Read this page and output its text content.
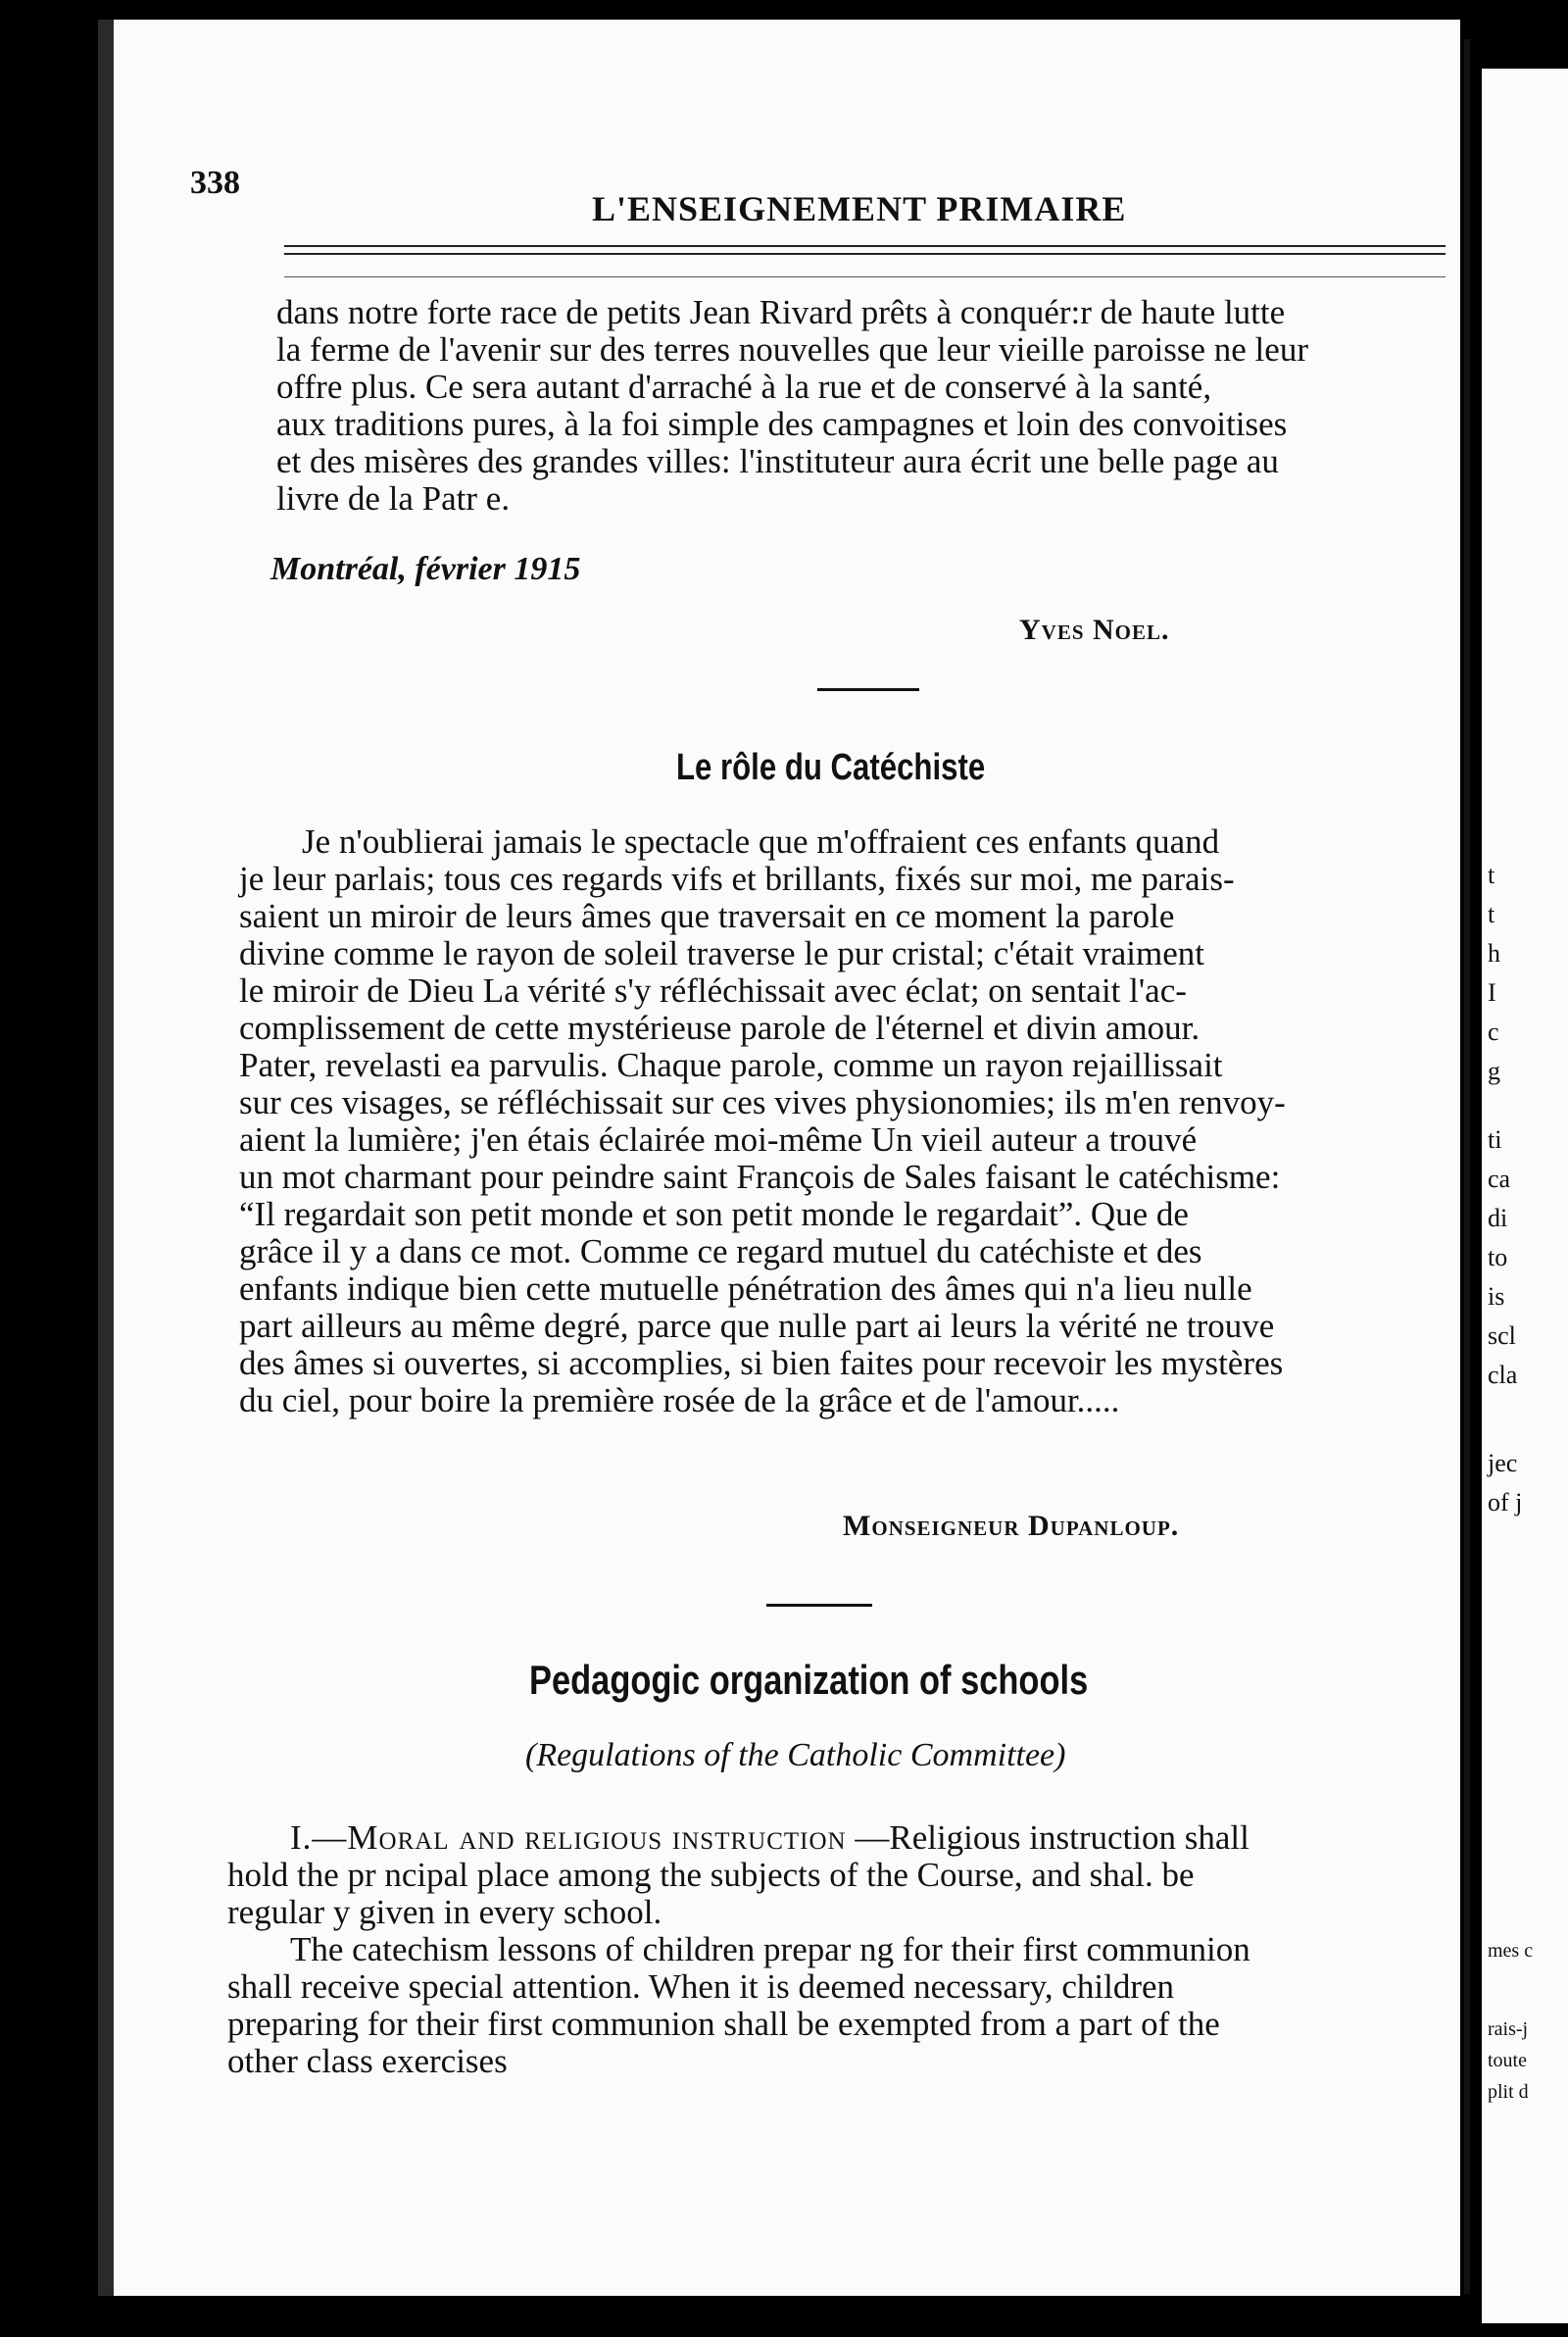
t
t
h
I
c
g
ti
ca
di
to
is
scl
cla
jec
of j
mes c
rais-j
toute
plit d
338
L'ENSEIGNEMENT PRIMAIRE
dans notre forte race de petits Jean Rivard prêts à conquér:r de haute lutte
la ferme de l'avenir sur des terres nouvelles que leur vieille paroisse ne leur
offre plus. Ce sera autant d'arraché à la rue et de conservé à la santé,
aux traditions pures, à la foi simple des campagnes et loin des convoitises
et des misères des grandes villes: l'instituteur aura écrit une belle page au
livre de la Patr e.
Montréal, février 1915
Yves Noel.
Le rôle du Catéchiste
Je n'oublierai jamais le spectacle que m'offraient ces enfants quand
je leur parlais; tous ces regards vifs et brillants, fixés sur moi, me parais-
saient un miroir de leurs âmes que traversait en ce moment la parole
divine comme le rayon de soleil traverse le pur cristal; c'était vraiment
le miroir de Dieu La vérité s'y réfléchissait avec éclat; on sentait l'ac-
complissement de cette mystérieuse parole de l'éternel et divin amour.
Pater, revelasti ea parvulis. Chaque parole, comme un rayon rejaillissait
sur ces visages, se réfléchissait sur ces vives physionomies; ils m'en renvoy-
aient la lumière; j'en étais éclairée moi-même Un vieil auteur a trouvé
un mot charmant pour peindre saint François de Sales faisant le catéchisme:
“Il regardait son petit monde et son petit monde le regardait”. Que de
grâce il y a dans ce mot. Comme ce regard mutuel du catéchiste et des
enfants indique bien cette mutuelle pénétration des âmes qui n'a lieu nulle
part ailleurs au même degré, parce que nulle part ai leurs la vérité ne trouve
des âmes si ouvertes, si accomplies, si bien faites pour recevoir les mystères
du ciel, pour boire la première rosée de la grâce et de l'amour.....
Monseigneur Dupanloup.
Pedagogic organization of schools
(Regulations of the Catholic Committee)
I.—Moral and religious instruction —Religious instruction shall
hold the pr ncipal place among the subjects of the Course, and shal. be
regular y given in every school.
The catechism lessons of children prepar ng for their first communion
shall receive special attention. When it is deemed necessary, children
preparing for their first communion shall be exempted from a part of the
other class exercises
